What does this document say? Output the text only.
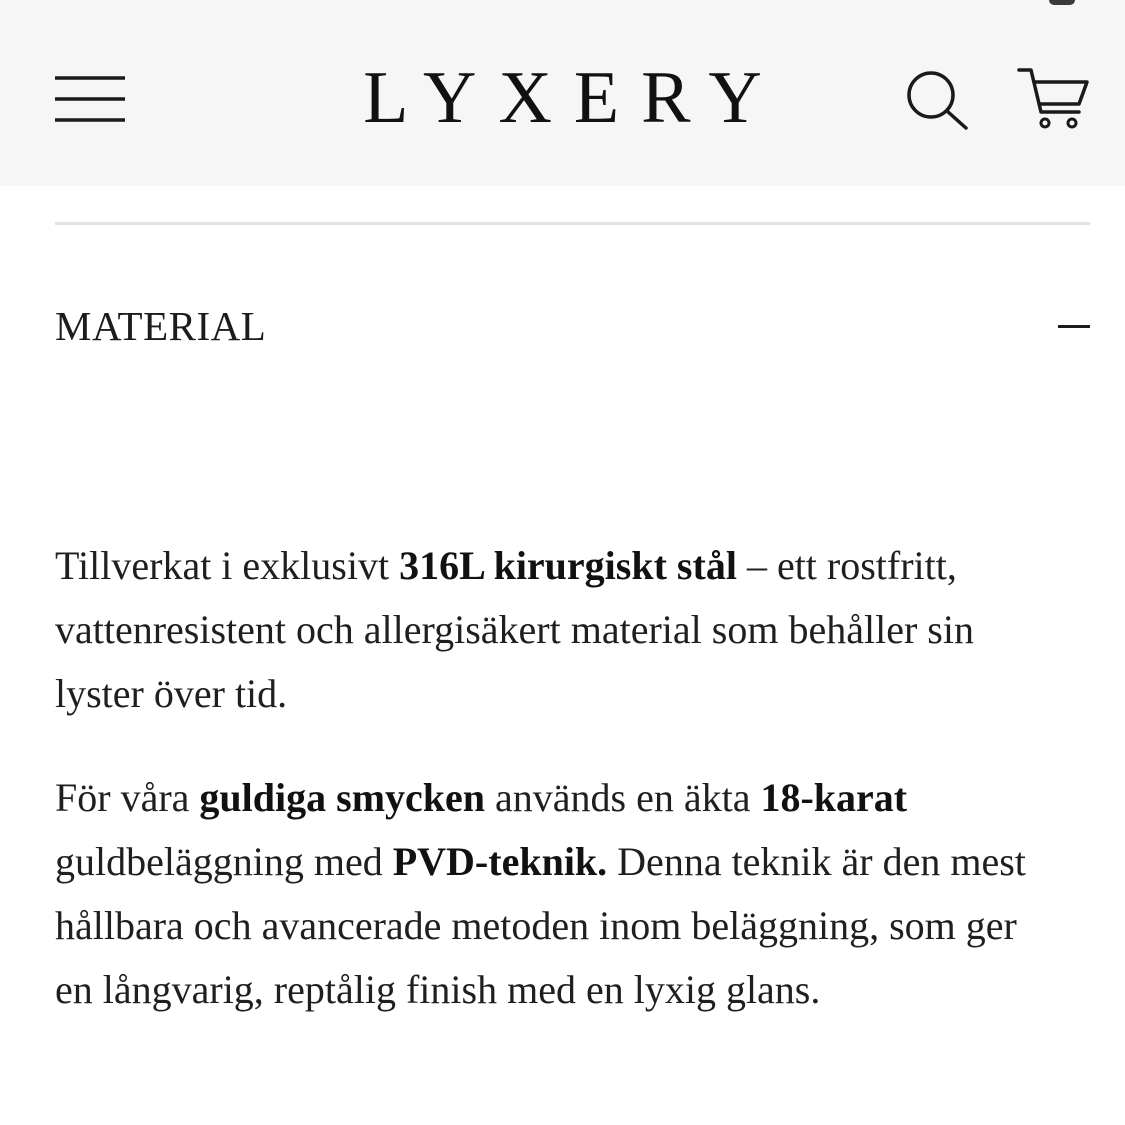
LYXERY
MATERIAL

Tillverkat i exklusivt 316L kirurgiskt stål – ett rostfritt, vattenresistent och allergisäkert material som behåller sin lyster över tid.

För våra guldiga smycken används en äkta 18-karat guldbeläggning med PVD-teknik. Denna teknik är den mest hållbara och avancerade metoden inom beläggning, som ger en långvarig, reptålig finish med en lyxig glans.
